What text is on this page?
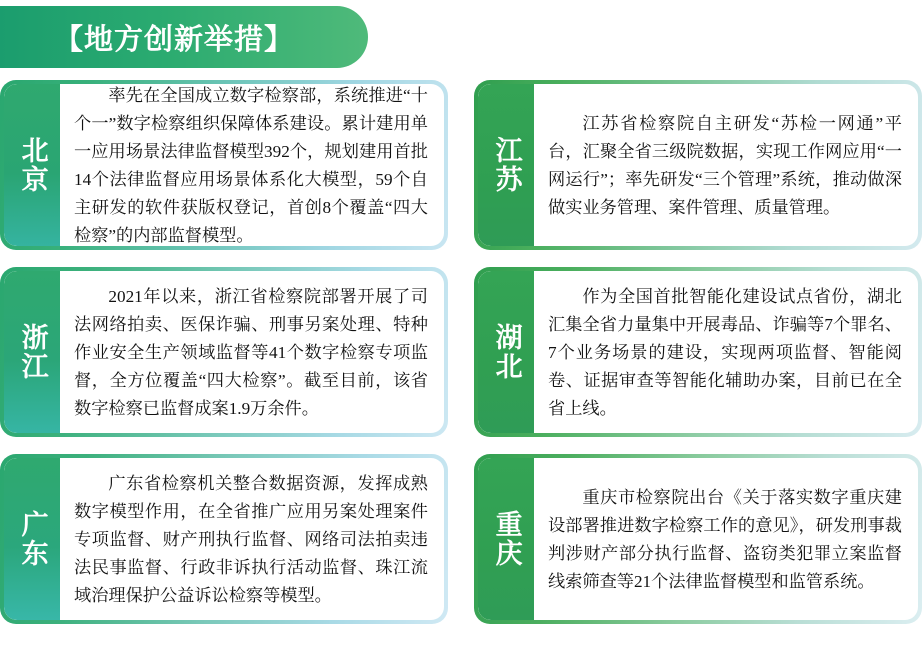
【地方创新举措】
北京

率先在全国成立数字检察部，系统推进“十个一”数字检察组织保障体系建设。累计建用单一应用场景法律监督模型392个，规划建用首批14个法律监督应用场景体系化大模型，59个自主研发的软件获版权登记，首创8个覆盖“四大检察”的内部监督模型。

江苏

江苏省检察院自主研发“苏检一网通”平台，汇聚全省三级院数据，实现工作网应用“一网运行”；率先研发“三个管理”系统，推动做深做实业务管理、案件管理、质量管理。

浙江

2021年以来，浙江省检察院部署开展了司法网络拍卖、医保诈骗、刑事另案处理、特种作业安全生产领域监督等41个数字检察专项监督，全方位覆盖“四大检察”。截至目前，该省数字检察已监督成案1.9万余件。

湖北

作为全国首批智能化建设试点省份，湖北汇集全省力量集中开展毒品、诈骗等7个罪名、7个业务场景的建设，实现两项监督、智能阅卷、证据审查等智能化辅助办案，目前已在全省上线。

广东

广东省检察机关整合数据资源，发挥成熟数字模型作用，在全省推广应用另案处理案件专项监督、财产刑执行监督、网络司法拍卖违法民事监督、行政非诉执行活动监督、珠江流域治理保护公益诉讼检察等模型。

重庆

重庆市检察院出台《关于落实数字重庆建设部署推进数字检察工作的意见》，研发刑事裁判涉财产部分执行监督、盗窃类犯罪立案监督线索筛查等21个法律监督模型和监管系统。
